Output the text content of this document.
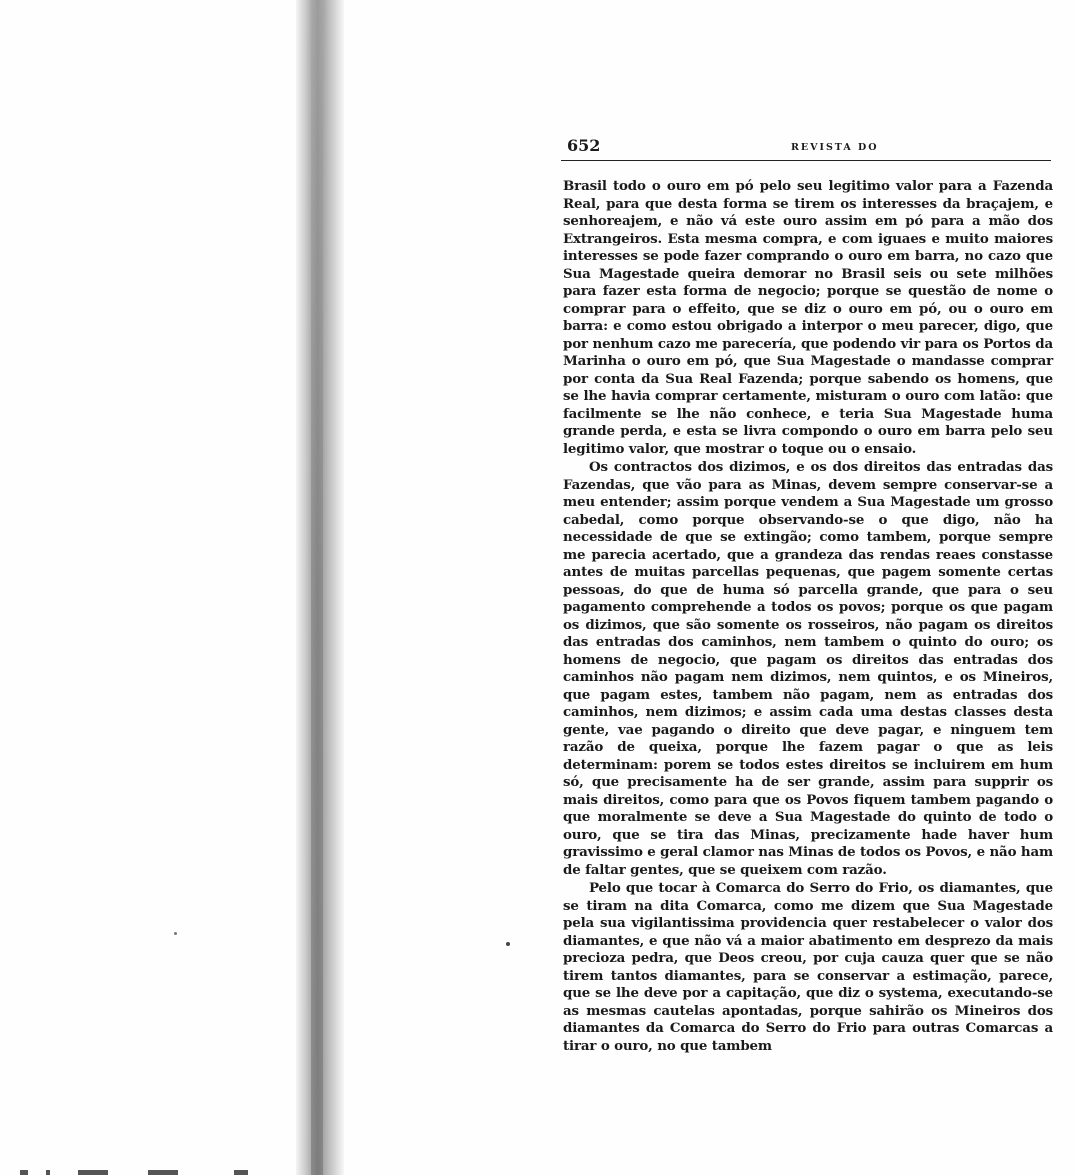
652	REVISTA DO

Brasil todo o ouro em pó pelo seu legitimo valor para a Fazenda Real, para que desta forma se tirem os interesses da braçajem, e senhoreajem, e não vá este ouro assim em pó para a mão dos Extrangeiros. Esta mesma compra, e com iguaes e muito maiores interesses se pode fazer comprando o ouro em barra, no cazo que Sua Magestade queira demorar no Brasil seis ou sete milhões para fazer esta forma de negocio; porque se questão de nome o comprar para o effeito, que se diz o ouro em pó, ou o ouro em barra: e como estou obrigado a interpor o meu parecer, digo, que por nenhum cazo me parecería, que podendo vir para os Portos da Marinha o ouro em pó, que Sua Magestade o mandasse comprar por conta da Sua Real Fazenda; porque sabendo os homens, que se lhe havia comprar certamente, misturam o ouro com latão: que facilmente se lhe não conhece, e teria Sua Magestade huma grande perda, e esta se livra compondo o ouro em barra pelo seu legitimo valor, que mostrar o toque ou o ensaio.

Os contractos dos dizimos, e os dos direitos das entradas das Fazendas, que vão para as Minas, devem sempre conservar-se a meu entender; assim porque vendem a Sua Magestade um grosso cabedal, como porque observando-se o que digo, não ha necessidade de que se extingão; como tambem, porque sempre me parecia acertado, que a grandeza das rendas reaes constasse antes de muitas parcellas pequenas, que pagem somente certas pessoas, do que de huma só parcella grande, que para o seu pagamento comprehende a todos os povos; porque os que pagam os dizimos, que são somente os rosseiros, não pagam os direitos das entradas dos caminhos, nem tambem o quinto do ouro; os homens de negocio, que pagam os direitos das entradas dos caminhos não pagam nem dizimos, nem quintos, e os Mineiros, que pagam estes, tambem não pagam, nem as entradas dos caminhos, nem dizimos; e assim cada uma destas classes desta gente, vae pagando o direito que deve pagar, e ninguem tem razão de queixa, porque lhe fazem pagar o que as leis determinam: porem se todos estes direitos se incluirem em hum só, que precisamente ha de ser grande, assim para supprir os mais direitos, como para que os Povos fiquem tambem pagando o que moralmente se deve a Sua Magestade do quinto de todo o ouro, que se tira das Minas, precizamente hade haver hum gravissimo e geral clamor nas Minas de todos os Povos, e não ham de faltar gentes, que se queixem com razão.

Pelo que tocar à Comarca do Serro do Frio, os diamantes, que se tiram na dita Comarca, como me dizem que Sua Magestade pela sua vigilantissima providencia quer restabelecer o valor dos diamantes, e que não vá a maior abatimento em desprezo da mais precioza pedra, que Deos creou, por cuja cauza quer que se não tirem tantos diamantes, para se conservar a estimação, parece, que se lhe deve por a capitação, que diz o systema, executando-se as mesmas cautelas apontadas, porque sahirão os Mineiros dos diamantes da Comarca do Serro do Frio para outras Comarcas a tirar o ouro, no que tambem
